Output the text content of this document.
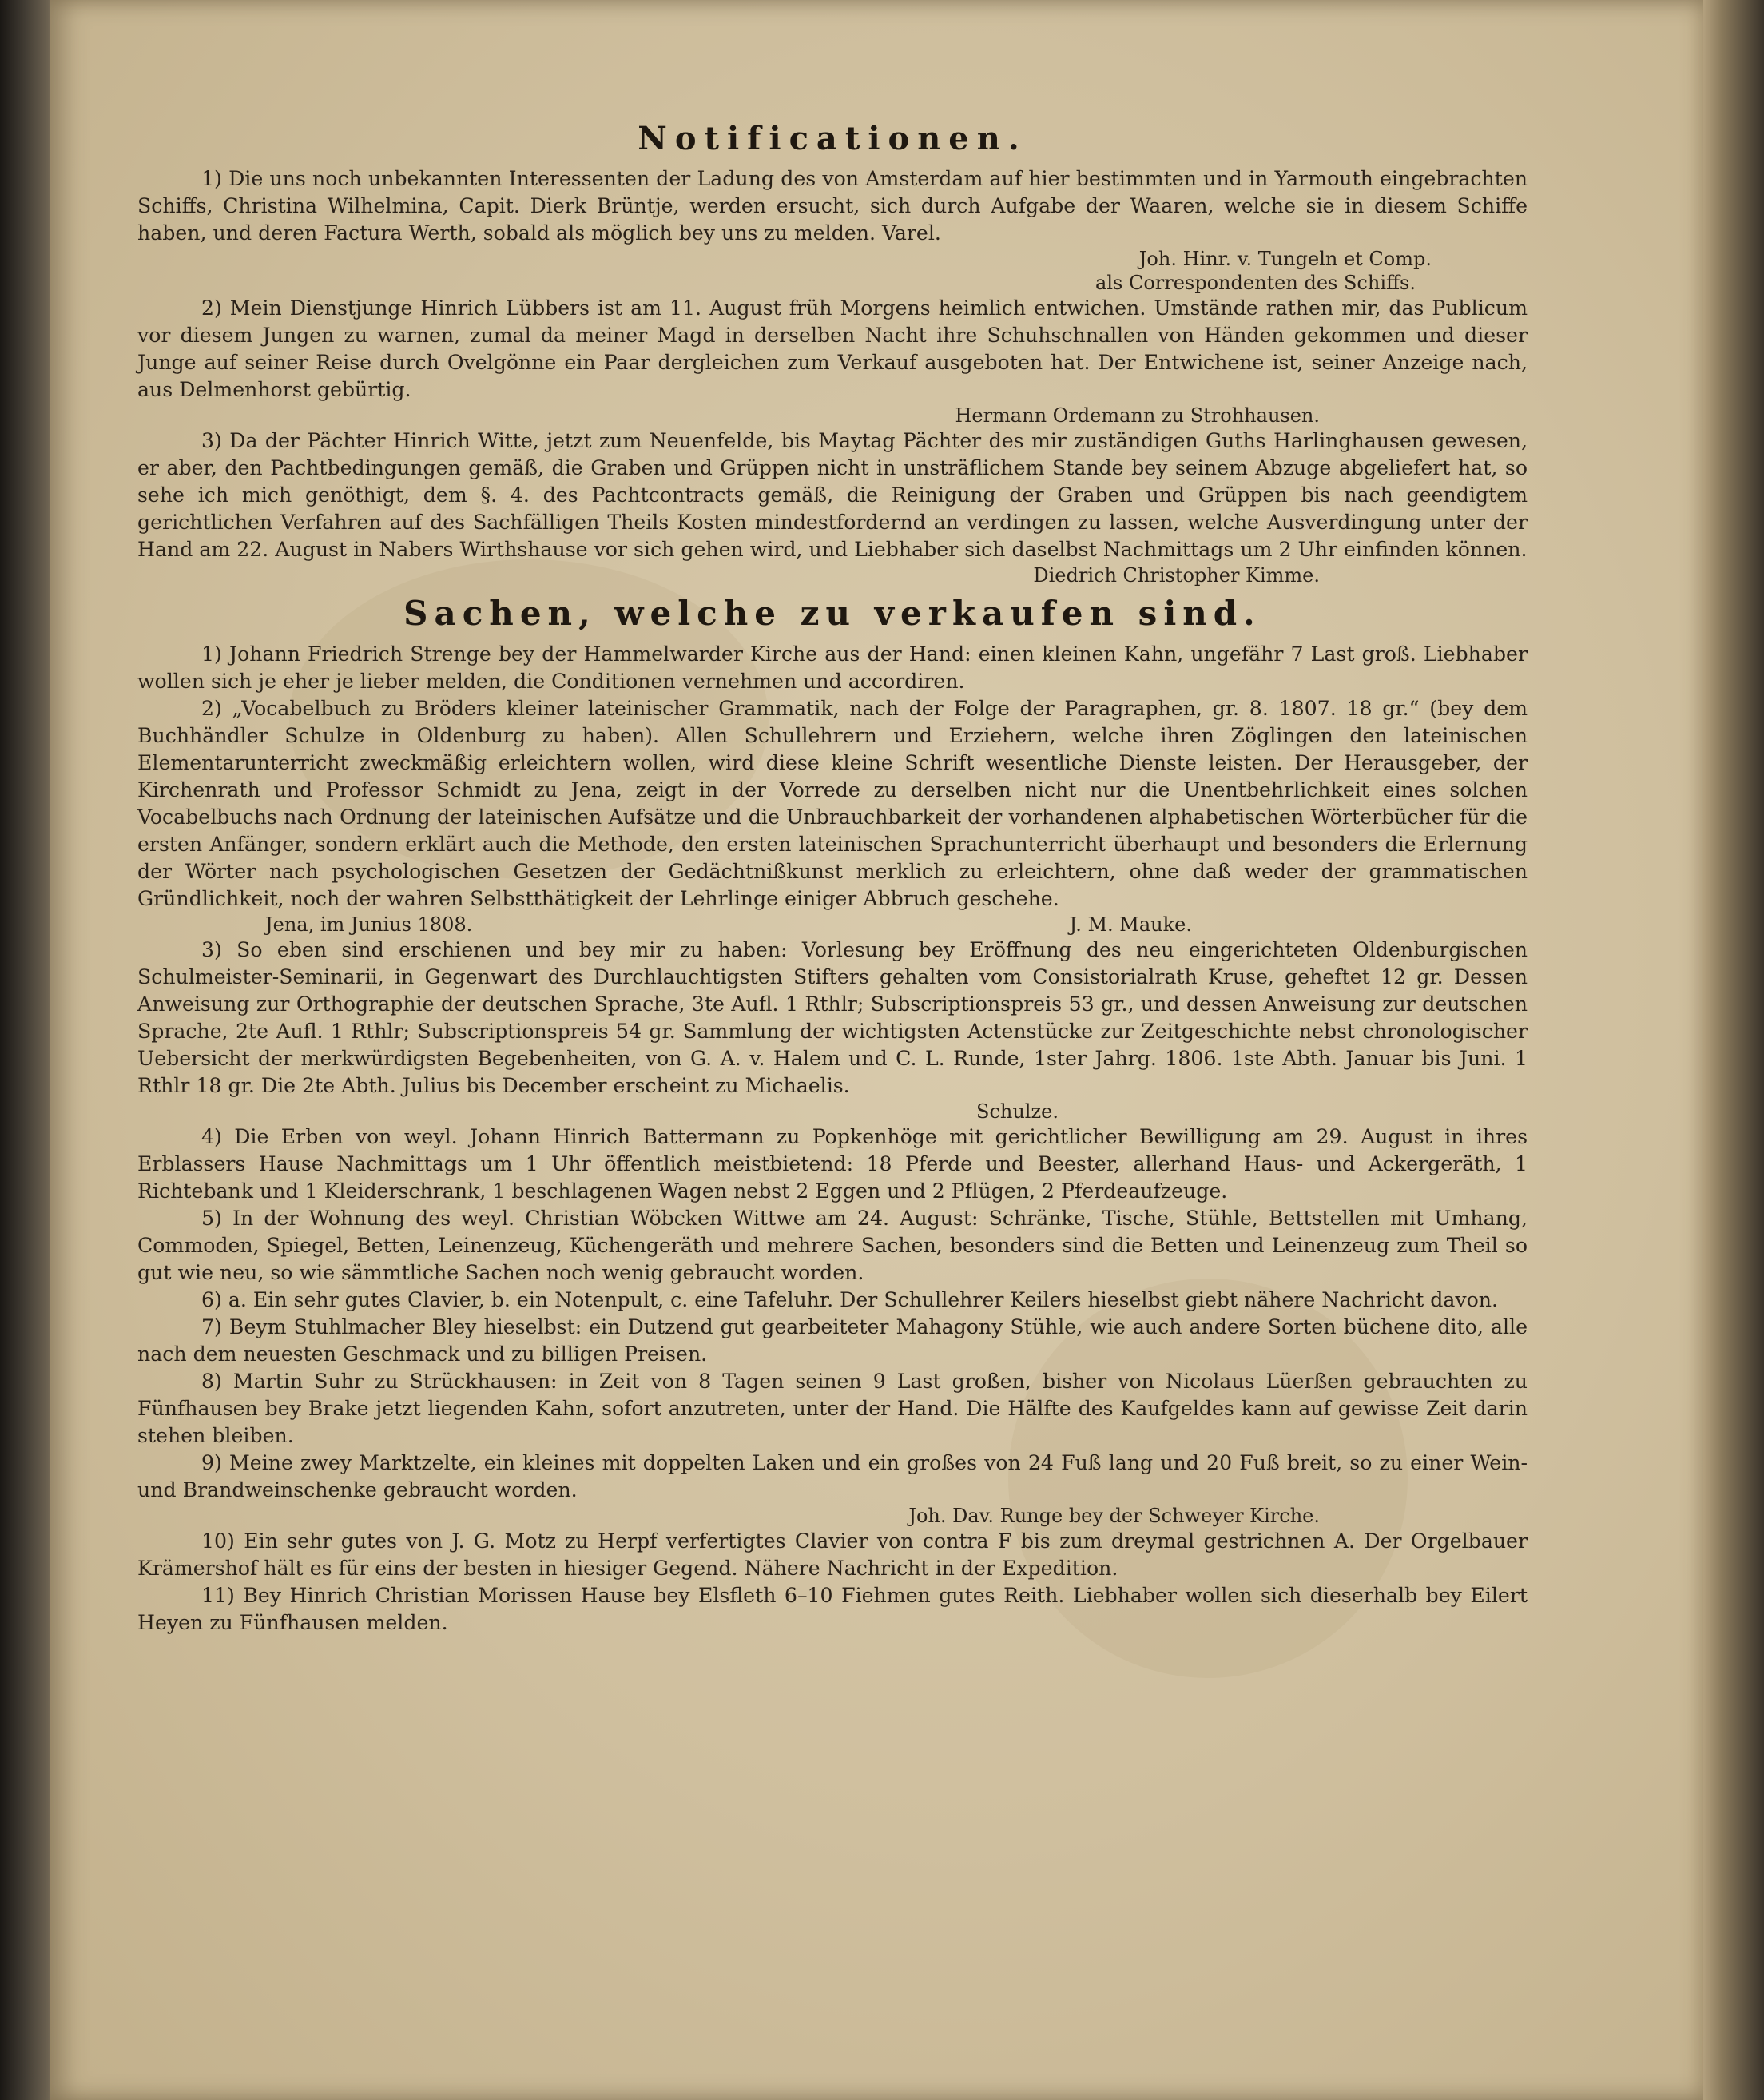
Notificationen.

1) Die uns noch unbekannten Interessenten der Ladung des von Amsterdam auf hier bestimmten und in Yarmouth eingebrachten Schiffs, Christina Wilhelmina, Capit. Dierk Brüntje, werden ersucht, sich durch Aufgabe der Waaren, welche sie in diesem Schiffe haben, und deren Factura Werth, sobald als möglich bey uns zu melden. Varel.

Joh. Hinr. v. Tungeln et Comp.

als Correspondenten des Schiffs.

2) Mein Dienstjunge Hinrich Lübbers ist am 11. August früh Morgens heimlich entwichen. Umstände rathen mir, das Publicum vor diesem Jungen zu warnen, zumal da meiner Magd in derselben Nacht ihre Schuhschnallen von Händen gekommen und dieser Junge auf seiner Reise durch Ovelgönne ein Paar dergleichen zum Verkauf ausgeboten hat. Der Entwichene ist, seiner Anzeige nach, aus Delmenhorst gebürtig.

Hermann Ordemann zu Strohhausen.

3) Da der Pächter Hinrich Witte, jetzt zum Neuenfelde, bis Maytag Pächter des mir zuständigen Guths Harlinghausen gewesen, er aber, den Pachtbedingungen gemäß, die Graben und Grüppen nicht in unsträflichem Stande bey seinem Abzuge abgeliefert hat, so sehe ich mich genöthigt, dem §. 4. des Pachtcontracts gemäß, die Reinigung der Graben und Grüppen bis nach geendigtem gerichtlichen Verfahren auf des Sachfälligen Theils Kosten mindestfordernd an verdingen zu lassen, welche Ausverdingung unter der Hand am 22. August in Nabers Wirthshause vor sich gehen wird, und Liebhaber sich daselbst Nachmittags um 2 Uhr einfinden können.

Diedrich Christopher Kimme.

Sachen, welche zu verkaufen sind.

1) Johann Friedrich Strenge bey der Hammelwarder Kirche aus der Hand: einen kleinen Kahn, ungefähr 7 Last groß. Liebhaber wollen sich je eher je lieber melden, die Conditionen vernehmen und accordiren.

2) „Vocabelbuch zu Bröders kleiner lateinischer Grammatik, nach der Folge der Paragraphen, gr. 8. 1807. 18 gr.“ (bey dem Buchhändler Schulze in Oldenburg zu haben). Allen Schullehrern und Erziehern, welche ihren Zöglingen den lateinischen Elementarunterricht zweckmäßig erleichtern wollen, wird diese kleine Schrift wesentliche Dienste leisten. Der Herausgeber, der Kirchenrath und Professor Schmidt zu Jena, zeigt in der Vorrede zu derselben nicht nur die Unentbehrlichkeit eines solchen Vocabelbuchs nach Ordnung der lateinischen Aufsätze und die Unbrauchbarkeit der vorhandenen alphabetischen Wörterbücher für die ersten Anfänger, sondern erklärt auch die Methode, den ersten lateinischen Sprachunterricht überhaupt und besonders die Erlernung der Wörter nach psychologischen Gesetzen der Gedächtnißkunst merklich zu erleichtern, ohne daß weder der grammatischen Gründlichkeit, noch der wahren Selbstthätigkeit der Lehrlinge einiger Abbruch geschehe.

Jena, im Junius 1808.	J. M. Mauke.

3) So eben sind erschienen und bey mir zu haben: Vorlesung bey Eröffnung des neu eingerichteten Oldenburgischen Schulmeister-Seminarii, in Gegenwart des Durchlauchtigsten Stifters gehalten vom Consistorialrath Kruse, geheftet 12 gr. Dessen Anweisung zur Orthographie der deutschen Sprache, 3te Aufl. 1 Rthlr; Subscriptionspreis 53 gr., und dessen Anweisung zur deutschen Sprache, 2te Aufl. 1 Rthlr; Subscriptionspreis 54 gr. Sammlung der wichtigsten Actenstücke zur Zeitgeschichte nebst chronologischer Uebersicht der merkwürdigsten Begebenheiten, von G. A. v. Halem und C. L. Runde, 1ster Jahrg. 1806. 1ste Abth. Januar bis Juni. 1 Rthlr 18 gr. Die 2te Abth. Julius bis December erscheint zu Michaelis.

Schulze.

4) Die Erben von weyl. Johann Hinrich Battermann zu Popkenhöge mit gerichtlicher Bewilligung am 29. August in ihres Erblassers Hause Nachmittags um 1 Uhr öffentlich meistbietend: 18 Pferde und Beester, allerhand Haus- und Ackergeräth, 1 Richtebank und 1 Kleiderschrank, 1 beschlagenen Wagen nebst 2 Eggen und 2 Pflügen, 2 Pferdeaufzeuge.

5) In der Wohnung des weyl. Christian Wöbcken Wittwe am 24. August: Schränke, Tische, Stühle, Bettstellen mit Umhang, Commoden, Spiegel, Betten, Leinenzeug, Küchengeräth und mehrere Sachen, besonders sind die Betten und Leinenzeug zum Theil so gut wie neu, so wie sämmtliche Sachen noch wenig gebraucht worden.

6) a. Ein sehr gutes Clavier, b. ein Notenpult, c. eine Tafeluhr. Der Schullehrer Keilers hieselbst giebt nähere Nachricht davon.

7) Beym Stuhlmacher Bley hieselbst: ein Dutzend gut gearbeiteter Mahagony Stühle, wie auch andere Sorten büchene dito, alle nach dem neuesten Geschmack und zu billigen Preisen.

8) Martin Suhr zu Strückhausen: in Zeit von 8 Tagen seinen 9 Last großen, bisher von Nicolaus Lüerßen gebrauchten zu Fünfhausen bey Brake jetzt liegenden Kahn, sofort anzutreten, unter der Hand. Die Hälfte des Kaufgeldes kann auf gewisse Zeit darin stehen bleiben.

9) Meine zwey Marktzelte, ein kleines mit doppelten Laken und ein großes von 24 Fuß lang und 20 Fuß breit, so zu einer Wein- und Brandweinschenke gebraucht worden.

Joh. Dav. Runge bey der Schweyer Kirche.

10) Ein sehr gutes von J. G. Motz zu Herpf verfertigtes Clavier von contra F bis zum dreymal gestrichnen A. Der Orgelbauer Krämershof hält es für eins der besten in hiesiger Gegend. Nähere Nachricht in der Expedition.

11) Bey Hinrich Christian Morissen Hause bey Elsfleth 6–10 Fiehmen gutes Reith. Liebhaber wollen sich dieserhalb bey Eilert Heyen zu Fünfhausen melden.
